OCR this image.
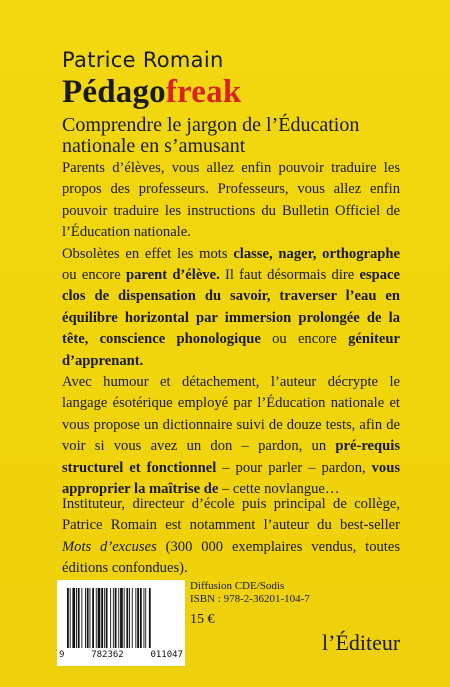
Patrice Romain
Pédagofreak
Comprendre le jargon de l’Éducation nationale en s’amusant

Parents d’élèves, vous allez enfin pouvoir traduire les propos des professeurs. Professeurs, vous allez enfin pouvoir traduire les instructions du Bulletin Officiel de l’Éducation nationale.

Obsolètes en effet les mots classe, nager, orthographe ou encore parent d’élève. Il faut désormais dire espace clos de dispensation du savoir, traverser l’eau en équilibre horizontal par immersion prolongée de la tête, conscience phonologique ou encore géniteur d’apprenant.

Avec humour et détachement, l’auteur décrypte le langage ésotérique employé par l’Éducation nationale et vous propose un dictionnaire suivi de douze tests, afin de voir si vous avez un don – pardon, un pré-requis structurel et fonctionnel – pour parler – pardon, vous approprier la maîtrise de – cette novlangue…

Instituteur, directeur d’école puis principal de collège, Patrice Romain est notamment l’auteur du best-seller Mots d’excuses (300 000 exemplaires vendus, toutes éditions confondues).

9	782362	011047
Diffusion CDE/Sodis
ISBN : 978-2-36201-104-7
15 €
l’Éditeur
